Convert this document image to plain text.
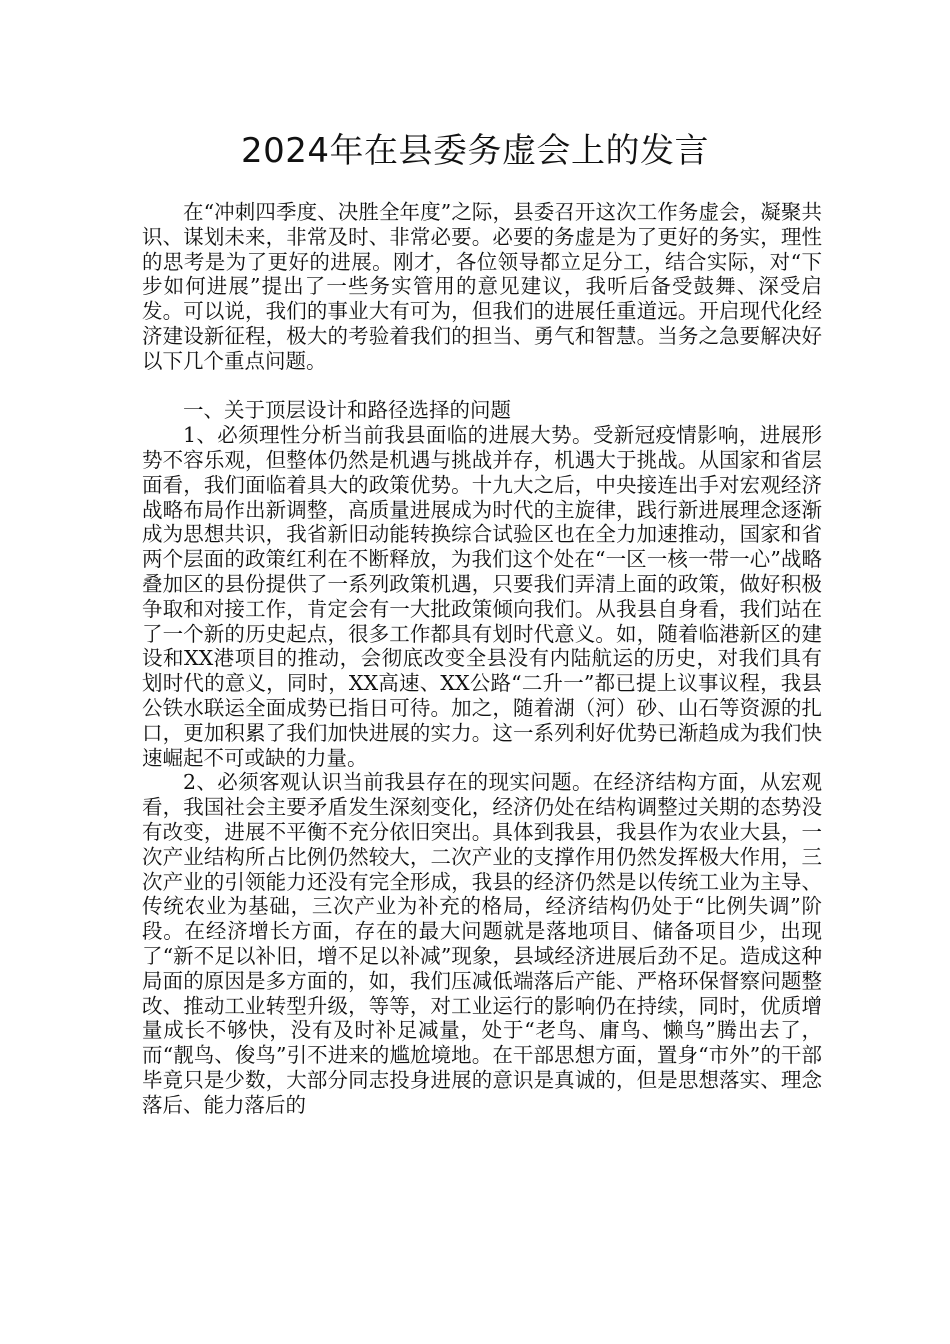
2024年在县委务虚会上的发言

在“冲刺四季度、决胜全年度”之际，县委召开这次工作务虚会，凝聚共识、谋划未来，非常及时、非常必要。必要的务虚是为了更好的务实，理性的思考是为了更好的进展。刚才，各位领导都立足分工，结合实际，对“下步如何进展”提出了一些务实管用的意见建议，我听后备受鼓舞、深受启发。可以说，我们的事业大有可为，但我们的进展任重道远。开启现代化经济建设新征程，极大的考验着我们的担当、勇气和智慧。当务之急要解决好以下几个重点问题。

一、关于顶层设计和路径选择的问题

1、必须理性分析当前我县面临的进展大势。受新冠疫情影响，进展形势不容乐观，但整体仍然是机遇与挑战并存，机遇大于挑战。从国家和省层面看，我们面临着具大的政策优势。十九大之后，中央接连出手对宏观经济战略布局作出新调整，高质量进展成为时代的主旋律，践行新进展理念逐渐成为思想共识，我省新旧动能转换综合试验区也在全力加速推动，国家和省两个层面的政策红利在不断释放，为我们这个处在“一区一核一带一心”战略叠加区的县份提供了一系列政策机遇，只要我们弄清上面的政策，做好积极争取和对接工作，肯定会有一大批政策倾向我们。从我县自身看，我们站在了一个新的历史起点，很多工作都具有划时代意义。如，随着临港新区的建设和XX港项目的推动，会彻底改变全县没有内陆航运的历史，对我们具有划时代的意义，同时，XX高速、XX公路“二升一”都已提上议事议程，我县公铁水联运全面成势已指日可待。加之，随着湖（河）砂、山石等资源的扎口，更加积累了我们加快进展的实力。这一系列利好优势已渐趋成为我们快速崛起不可或缺的力量。

2、必须客观认识当前我县存在的现实问题。在经济结构方面，从宏观看，我国社会主要矛盾发生深刻变化，经济仍处在结构调整过关期的态势没有改变，进展不平衡不充分依旧突出。具体到我县，我县作为农业大县，一次产业结构所占比例仍然较大，二次产业的支撑作用仍然发挥极大作用，三次产业的引领能力还没有完全形成，我县的经济仍然是以传统工业为主导、传统农业为基础，三次产业为补充的格局，经济结构仍处于“比例失调”阶段。在经济增长方面，存在的最大问题就是落地项目、储备项目少，出现了“新不足以补旧，增不足以补减”现象，县域经济进展后劲不足。造成这种局面的原因是多方面的，如，我们压减低端落后产能、严格环保督察问题整改、推动工业转型升级，等等，对工业运行的影响仍在持续，同时，优质增量成长不够快，没有及时补足减量，处于“老鸟、庸鸟、懒鸟”腾出去了，而“靓鸟、俊鸟”引不进来的尴尬境地。在干部思想方面，置身“市外”的干部毕竟只是少数，大部分同志投身进展的意识是真诚的，但是思想落实、理念落后、能力落后的
